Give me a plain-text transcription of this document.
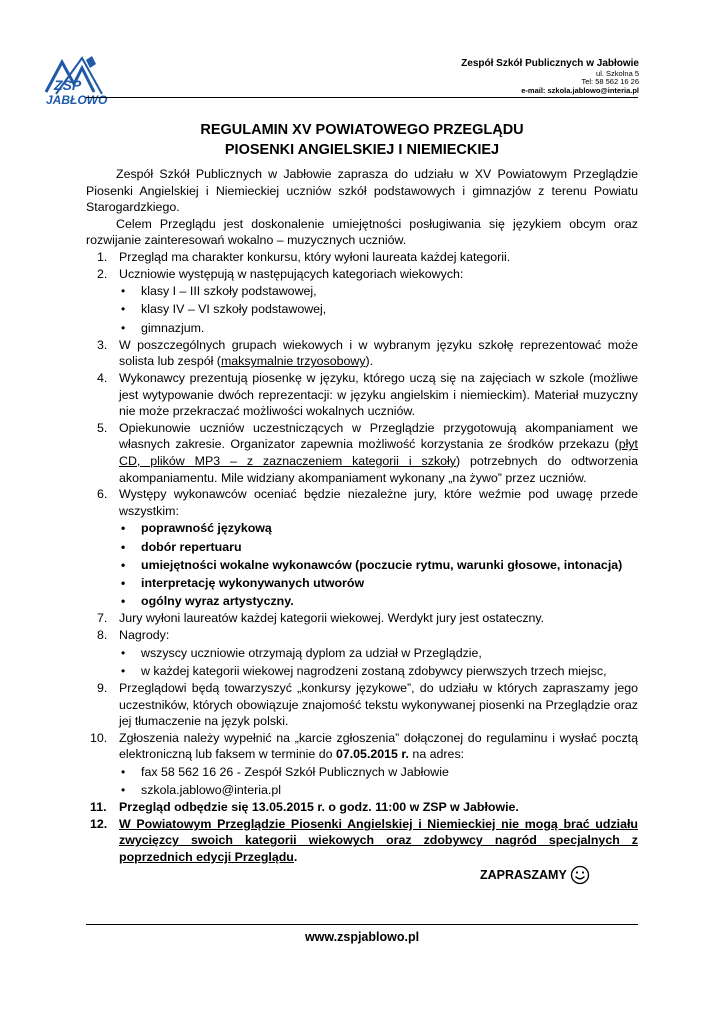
ZSP
JABŁOWO
Zespół Szkół Publicznych w Jabłowie
ul. Szkolna 5
Tel: 58 562 16 26
e-mail: szkola.jablowo@interia.pl
REGULAMIN XV POWIATOWEGO PRZEGLĄDU
PIOSENKI ANGIELSKIEJ I NIEMIECKIEJ

Zespół Szkół Publicznych w Jabłowie zaprasza do udziału w XV Powiatowym Przeglądzie Piosenki Angielskiej i Niemieckiej uczniów szkół podstawowych i gimnazjów z terenu Powiatu Starogardzkiego.

Celem Przeglądu jest doskonalenie umiejętności posługiwania się językiem obcym oraz rozwijanie zainteresowań wokalno – muzycznych uczniów.

1. Przegląd ma charakter konkursu, który wyłoni laureata każdej kategorii.
2. Uczniowie występują w następujących kategoriach wiekowych:
• klasy I – III szkoły podstawowej,
• klasy IV – VI szkoły podstawowej,
• gimnazjum.
3. W poszczególnych grupach wiekowych i w wybranym języku szkołę reprezentować może solista lub zespół (maksymalnie trzyosobowy).
4. Wykonawcy prezentują piosenkę w języku, którego uczą się na zajęciach w szkole (możliwe jest wytypowanie dwóch reprezentacji: w języku angielskim i niemieckim). Materiał muzyczny nie może przekraczać możliwości wokalnych uczniów.
5. Opiekunowie uczniów uczestniczących w Przeglądzie przygotowują akompaniament we własnych zakresie. Organizator zapewnia możliwość korzystania ze środków przekazu (płyt CD, plików MP3 – z zaznaczeniem kategorii i szkoły) potrzebnych do odtworzenia akompaniamentu. Mile widziany akompaniament wykonany „na żywo” przez uczniów.
6. Występy wykonawców oceniać będzie niezależne jury, które weźmie pod uwagę przede wszystkim:
• poprawność językową
• dobór repertuaru
• umiejętności wokalne wykonawców (poczucie rytmu, warunki głosowe, intonacja)
• interpretację wykonywanych utworów
• ogólny wyraz artystyczny.
7. Jury wyłoni laureatów każdej kategorii wiekowej. Werdykt jury jest ostateczny.
8. Nagrody:
• wszyscy uczniowie otrzymają dyplom za udział w Przeglądzie,
• w każdej kategorii wiekowej nagrodzeni zostaną zdobywcy pierwszych trzech miejsc,
9. Przeglądowi będą towarzyszyć „konkursy językowe”, do udziału w których zapraszamy jego uczestników, których obowiązuje znajomość tekstu wykonywanej piosenki na Przeglądzie oraz jej tłumaczenie na język polski.
10. Zgłoszenia należy wypełnić na „karcie zgłoszenia” dołączonej do regulaminu i wysłać pocztą elektroniczną lub faksem w terminie do 07.05.2015 r. na adres:
• fax 58 562 16 26 - Zespół Szkół Publicznych w Jabłowie
• szkola.jablowo@interia.pl
11. Przegląd odbędzie się 13.05.2015 r. o godz. 11:00 w ZSP w Jabłowie.
12. W Powiatowym Przeglądzie Piosenki Angielskiej i Niemieckiej nie mogą brać udziału zwycięzcy swoich kategorii wiekowych oraz zdobywcy nagród specjalnych z poprzednich edycji Przeglądu.
ZAPRASZAMY
www.zspjablowo.pl
